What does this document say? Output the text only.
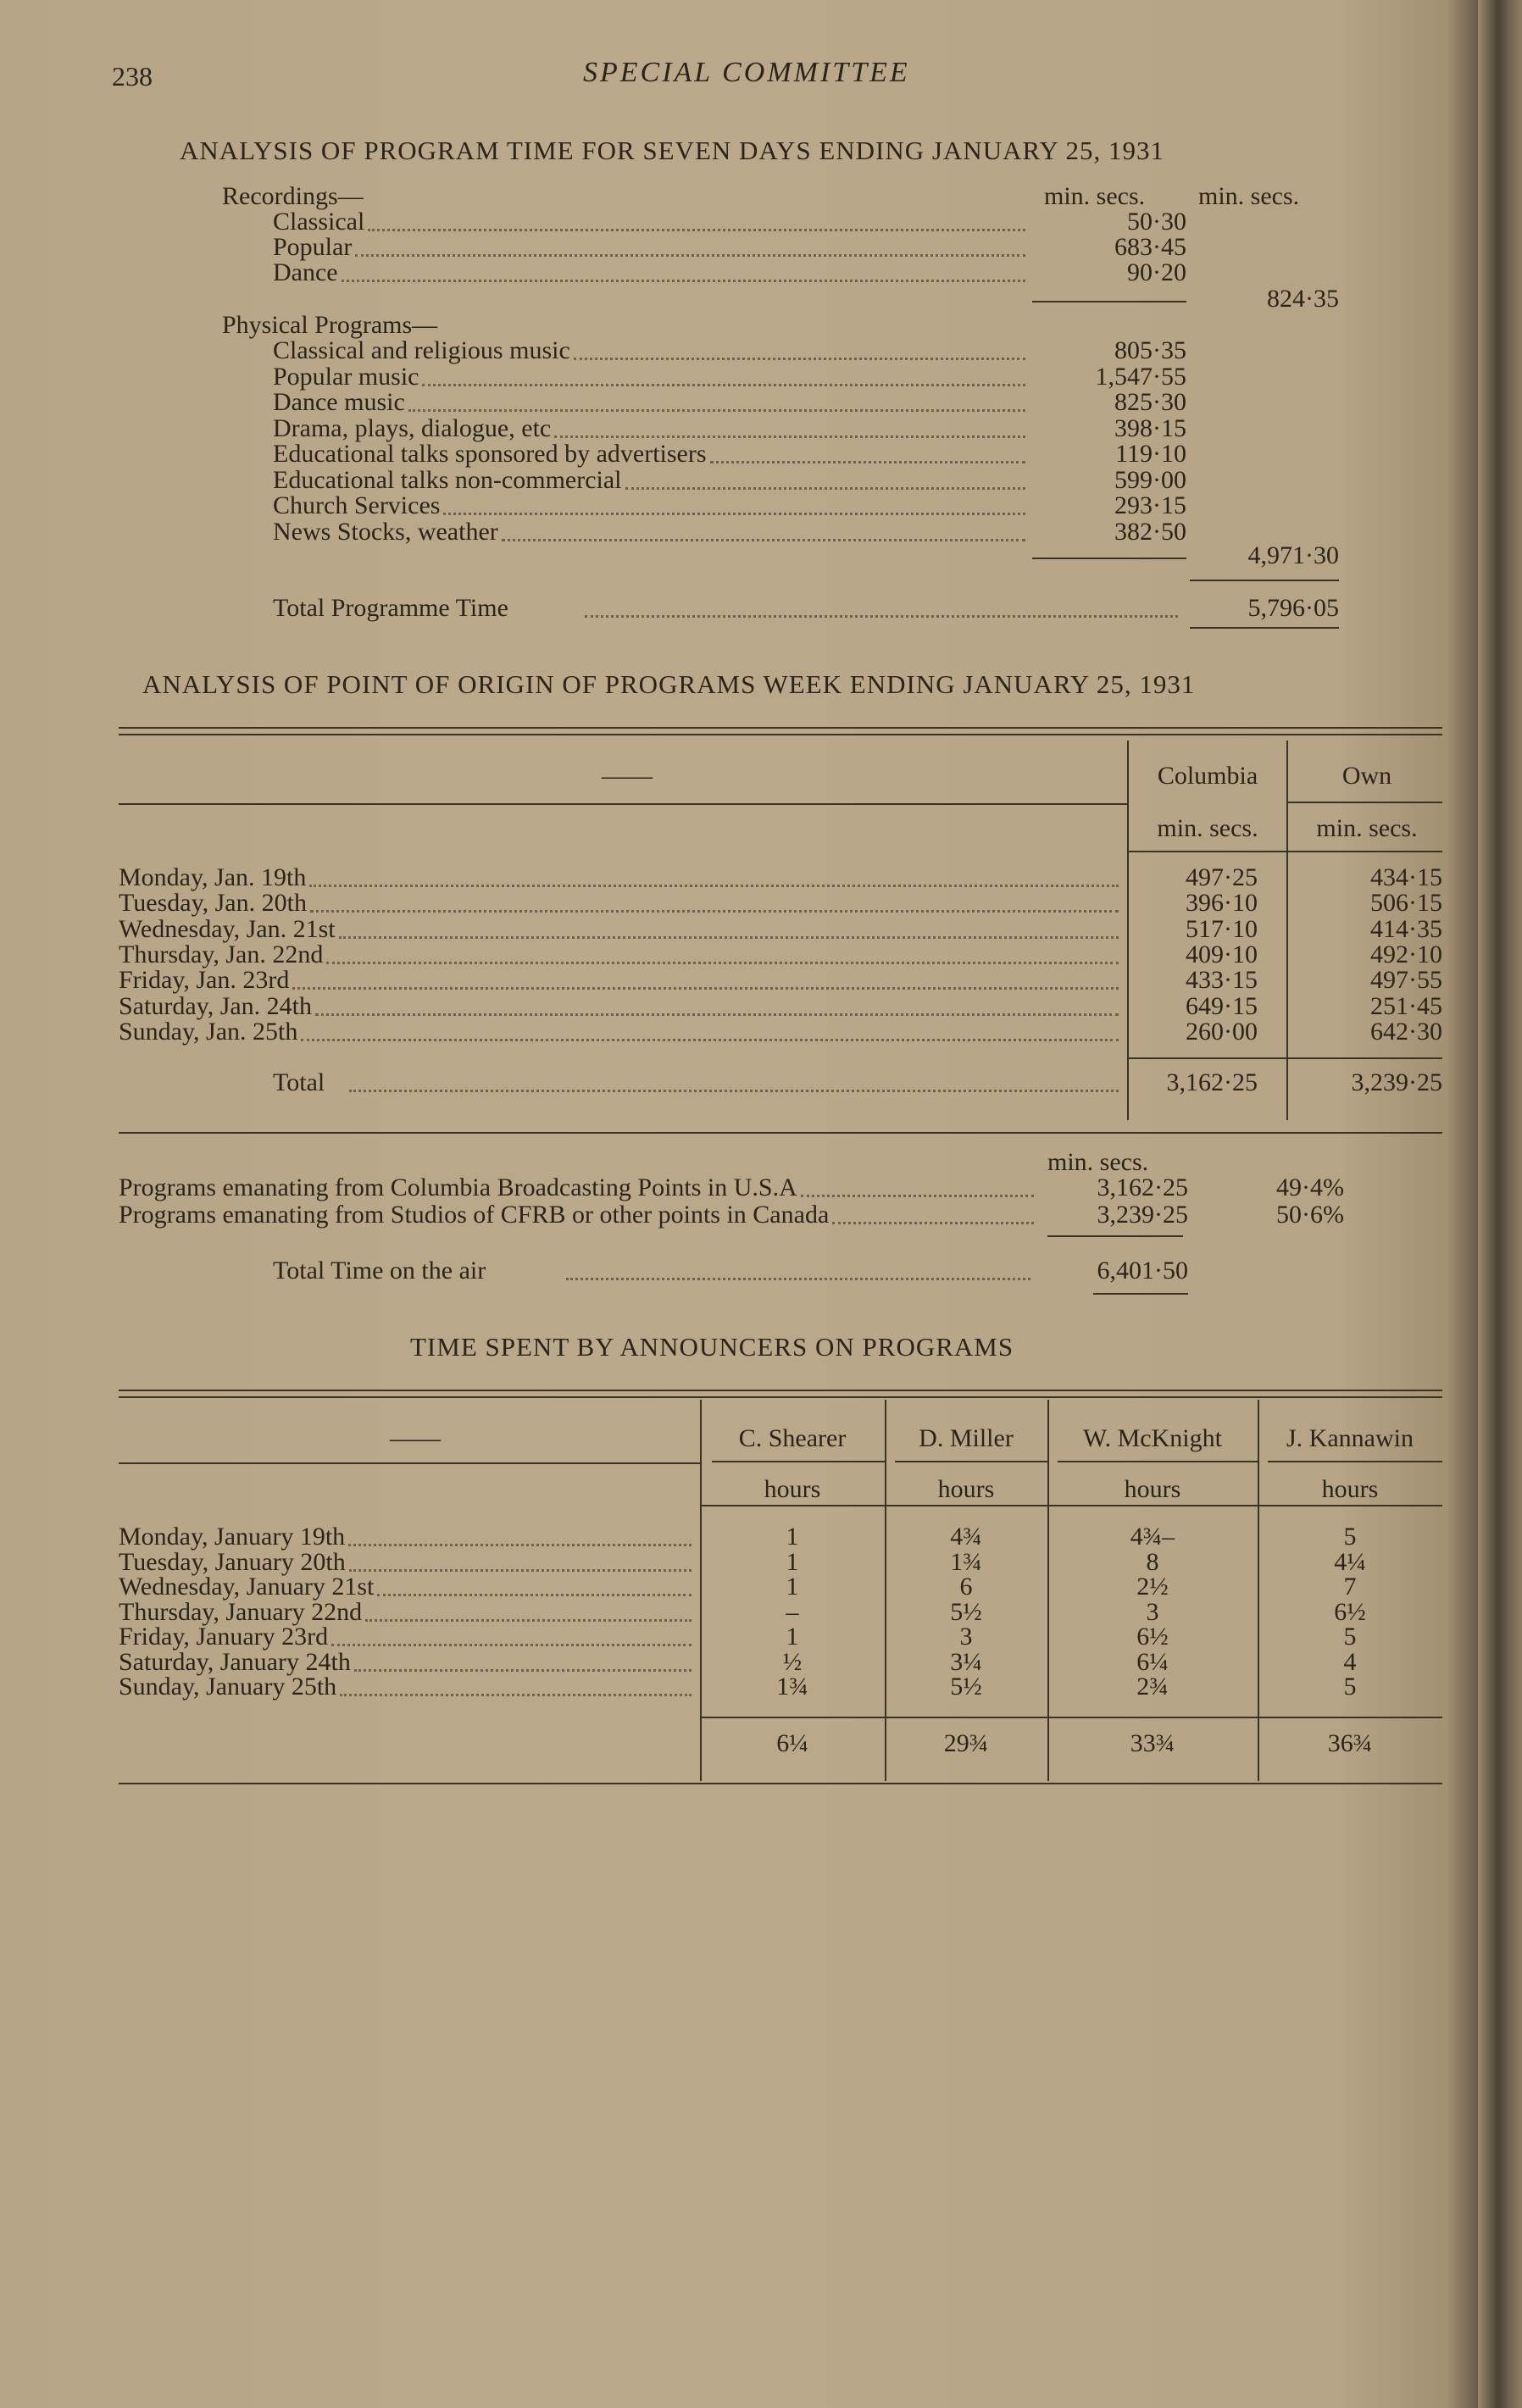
238	SPECIAL COMMITTEE
ANALYSIS OF PROGRAM TIME FOR SEVEN DAYS ENDING JANUARY 25, 1931
min. secs. min. secs.
Recordings—
Classical	50·30
Popular	683·45
Dance	90·20
824·35
Physical Programs—
Classical and religious music	805·35
Popular music	1,547·55
Dance music	825·30
Drama, plays, dialogue, etc	398·15
Educational talks sponsored by advertisers	119·10
Educational talks non-commercial	599·00
Church Services	293·15
News Stocks, weather	382·50
4,971·30
Total Programme Time	5,796·05
ANALYSIS OF POINT OF ORIGIN OF PROGRAMS WEEK ENDING JANUARY 25, 1931
——	Columbia	Own
min. secs.	min. secs.
Monday, Jan. 19th	497·25	434·15
Tuesday, Jan. 20th	396·10	506·15
Wednesday, Jan. 21st	517·10	414·35
Thursday, Jan. 22nd	409·10	492·10
Friday, Jan. 23rd	433·15	497·55
Saturday, Jan. 24th	649·15	251·45
Sunday, Jan. 25th	260·00	642·30
Total	3,162·25	3,239·25
min. secs.
Programs emanating from Columbia Broadcasting Points in U.S.A	3,162·25	49·4%
Programs emanating from Studios of CFRB or other points in Canada	3,239·25	50·6%
Total Time on the air	6,401·50
TIME SPENT BY ANNOUNCERS ON PROGRAMS
——	C. Shearer	D. Miller	W. McKnight	J. Kannawin
hours	hours	hours	hours
Monday, January 19th	1	4¾	4¾–	5
Tuesday, January 20th	1	1¾	8	4¼
Wednesday, January 21st	1	6	2½	7
Thursday, January 22nd	–	5½	3	6½
Friday, January 23rd	1	3	6½	5
Saturday, January 24th	½	3¼	6¼	4
Sunday, January 25th	1¾	5½	2¾	5
6¼	29¾	33¾	36¾
